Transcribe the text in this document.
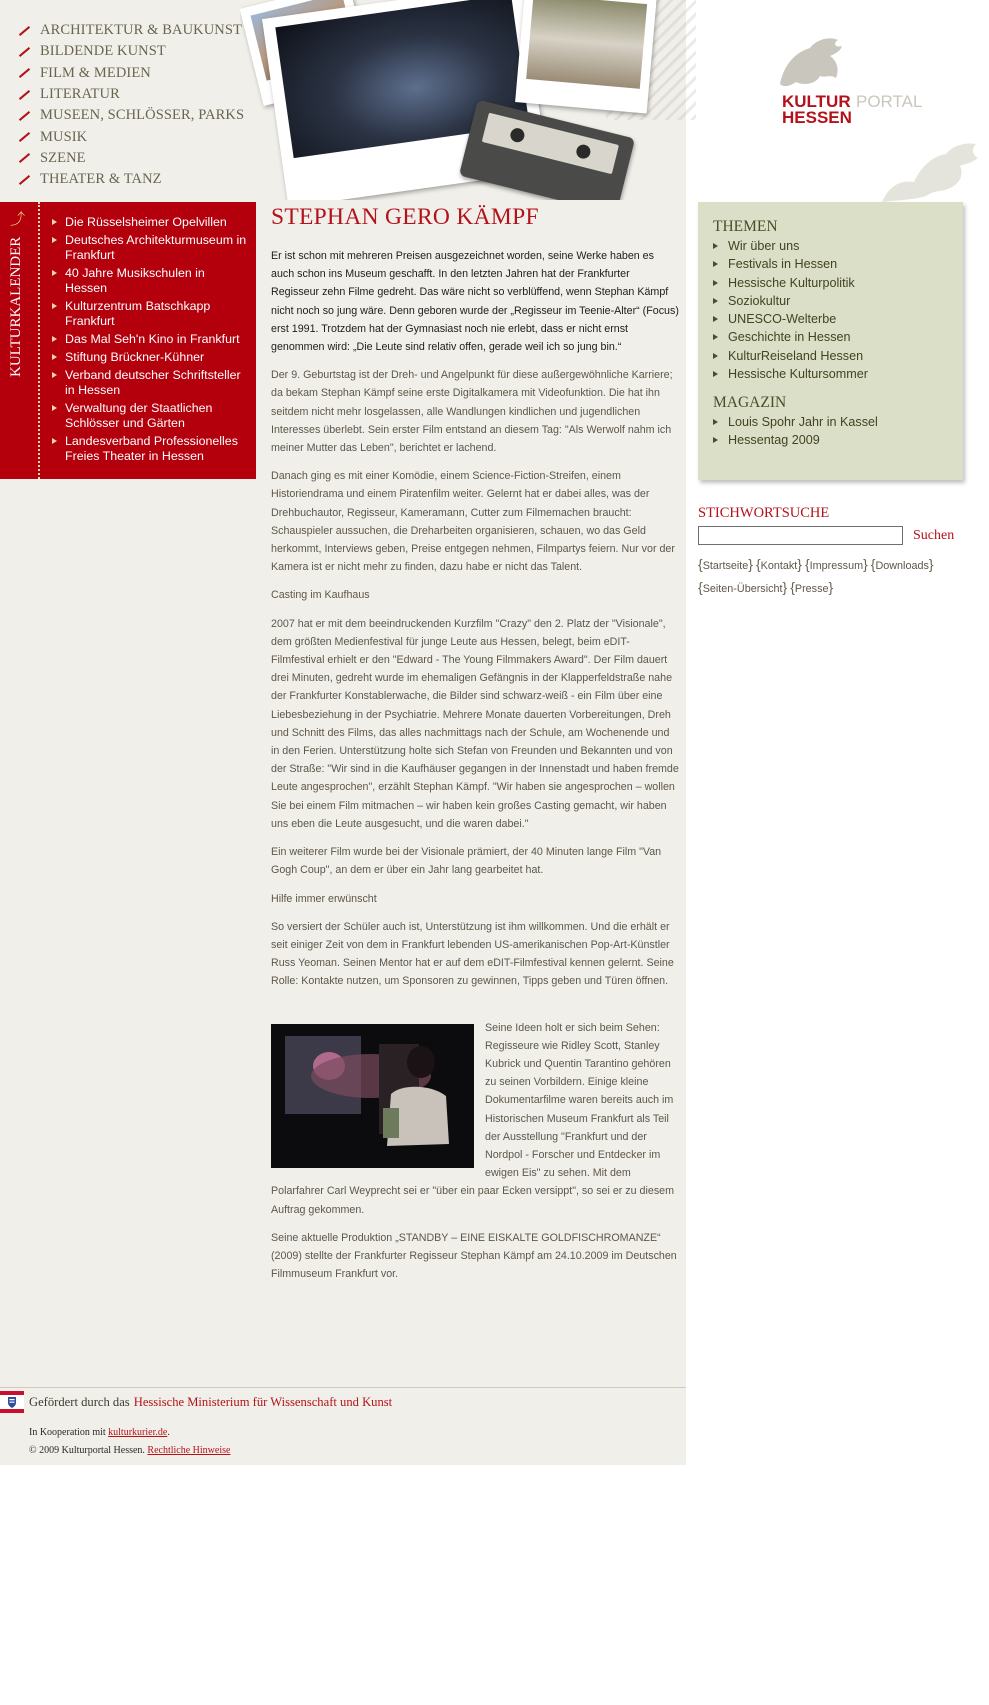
ARCHITEKTUR & BAUKUNST
BILDENDE KUNST
FILM & MEDIEN
LITERATUR
MUSEEN, SCHLÖSSER, PARKS
MUSIK
SZENE
THEATER & TANZ
KULTUR PORTAL
HESSEN
⤴
KULTURKALENDER
Die Rüsselsheimer Opelvillen
Deutsches Architekturmuseum in Frankfurt
40 Jahre Musikschulen in Hessen
Kulturzentrum Batschkapp Frankfurt
Das Mal Seh'n Kino in Frankfurt
Stiftung Brückner-Kühner
Verband deutscher Schriftsteller in Hessen
Verwaltung der Staatlichen Schlösser und Gärten
Landesverband Professionelles Freies Theater in Hessen
STEPHAN GERO KÄMPF

Er ist schon mit mehreren Preisen ausgezeichnet worden, seine Werke haben es auch schon ins Museum geschafft. In den letzten Jahren hat der Frankfurter Regisseur zehn Filme gedreht. Das wäre nicht so verblüffend, wenn Stephan Kämpf nicht noch so jung wäre. Denn geboren wurde der „Regisseur im Teenie-Alter“ (Focus) erst 1991. Trotzdem hat der Gymnasiast noch nie erlebt, dass er nicht ernst genommen wird: „Die Leute sind relativ offen, gerade weil ich so jung bin.“

Der 9. Geburtstag ist der Dreh- und Angelpunkt für diese außergewöhnliche Karriere; da bekam Stephan Kämpf seine erste Digitalkamera mit Videofunktion. Die hat ihn seitdem nicht mehr losgelassen, alle Wandlungen kindlichen und jugendlichen Interesses überlebt. Sein erster Film entstand an diesem Tag: "Als Werwolf nahm ich meiner Mutter das Leben", berichtet er lachend.

Danach ging es mit einer Komödie, einem Science-Fiction-Streifen, einem Historiendrama und einem Piratenfilm weiter. Gelernt hat er dabei alles, was der Drehbuchautor, Regisseur, Kameramann, Cutter zum Filmemachen braucht: Schauspieler aussuchen, die Dreharbeiten organisieren, schauen, wo das Geld herkommt, Interviews geben, Preise entgegen nehmen, Filmpartys feiern. Nur vor der Kamera ist er nicht mehr zu finden, dazu habe er nicht das Talent.

Casting im Kaufhaus

2007 hat er mit dem beeindruckenden Kurzfilm "Crazy" den 2. Platz der "Visionale", dem größten Medienfestival für junge Leute aus Hessen, belegt, beim eDIT-Filmfestival erhielt er den "Edward - The Young Filmmakers Award". Der Film dauert drei Minuten, gedreht wurde im ehemaligen Gefängnis in der Klapperfeldstraße nahe der Frankfurter Konstablerwache, die Bilder sind schwarz-weiß - ein Film über eine Liebesbeziehung in der Psychiatrie. Mehrere Monate dauerten Vorbereitungen, Dreh und Schnitt des Films, das alles nachmittags nach der Schule, am Wochenende und in den Ferien. Unterstützung holte sich Stefan von Freunden und Bekannten und von der Straße: "Wir sind in die Kaufhäuser gegangen in der Innenstadt und haben fremde Leute angesprochen", erzählt Stephan Kämpf. "Wir haben sie angesprochen – wollen Sie bei einem Film mitmachen – wir haben kein großes Casting gemacht, wir haben uns eben die Leute ausgesucht, und die waren dabei."

Ein weiterer Film wurde bei der Visionale prämiert, der 40 Minuten lange Film "Van Gogh Coup", an dem er über ein Jahr lang gearbeitet hat.

Hilfe immer erwünscht

So versiert der Schüler auch ist, Unterstützung ist ihm willkommen. Und die erhält er seit einiger Zeit von dem in Frankfurt lebenden US-amerikanischen Pop-Art-Künstler Russ Yeoman. Seinen Mentor hat er auf dem eDIT-Filmfestival kennen gelernt. Seine Rolle: Kontakte nutzen, um Sponsoren zu gewinnen, Tipps geben und Türen öffnen.

Seine Ideen holt er sich beim Sehen: Regisseure wie Ridley Scott, Stanley Kubrick und Quentin Tarantino gehören zu seinen Vorbildern. Einige kleine Dokumentarfilme waren bereits auch im Historischen Museum Frankfurt als Teil der Ausstellung "Frankfurt und der Nordpol - Forscher und Entdecker im ewigen Eis" zu sehen. Mit dem Polarfahrer Carl Weyprecht sei er "über ein paar Ecken versippt", so sei er zu diesem Auftrag gekommen.

Seine aktuelle Produktion „STANDBY – EINE EISKALTE GOLDFISCHROMANZE“ (2009) stellte der Frankfurter Regisseur Stephan Kämpf am 24.10.2009 im Deutschen Filmmuseum Frankfurt vor.

THEMEN
Wir über uns
Festivals in Hessen
Hessische Kulturpolitik
Soziokultur
UNESCO-Welterbe
Geschichte in Hessen
KulturReiseland Hessen
Hessische Kultursommer
MAGAZIN
Louis Spohr Jahr in Kassel
Hessentag 2009
STICHWORTSUCHE
Suchen
{Startseite} {Kontakt} {Impressum} {Downloads}
{Seiten-Übersicht} {Presse}
Gefördert durch das Hessische Ministerium für Wissenschaft und Kunst
In Kooperation mit kulturkurier.de.
© 2009 Kulturportal Hessen. Rechtliche Hinweise
